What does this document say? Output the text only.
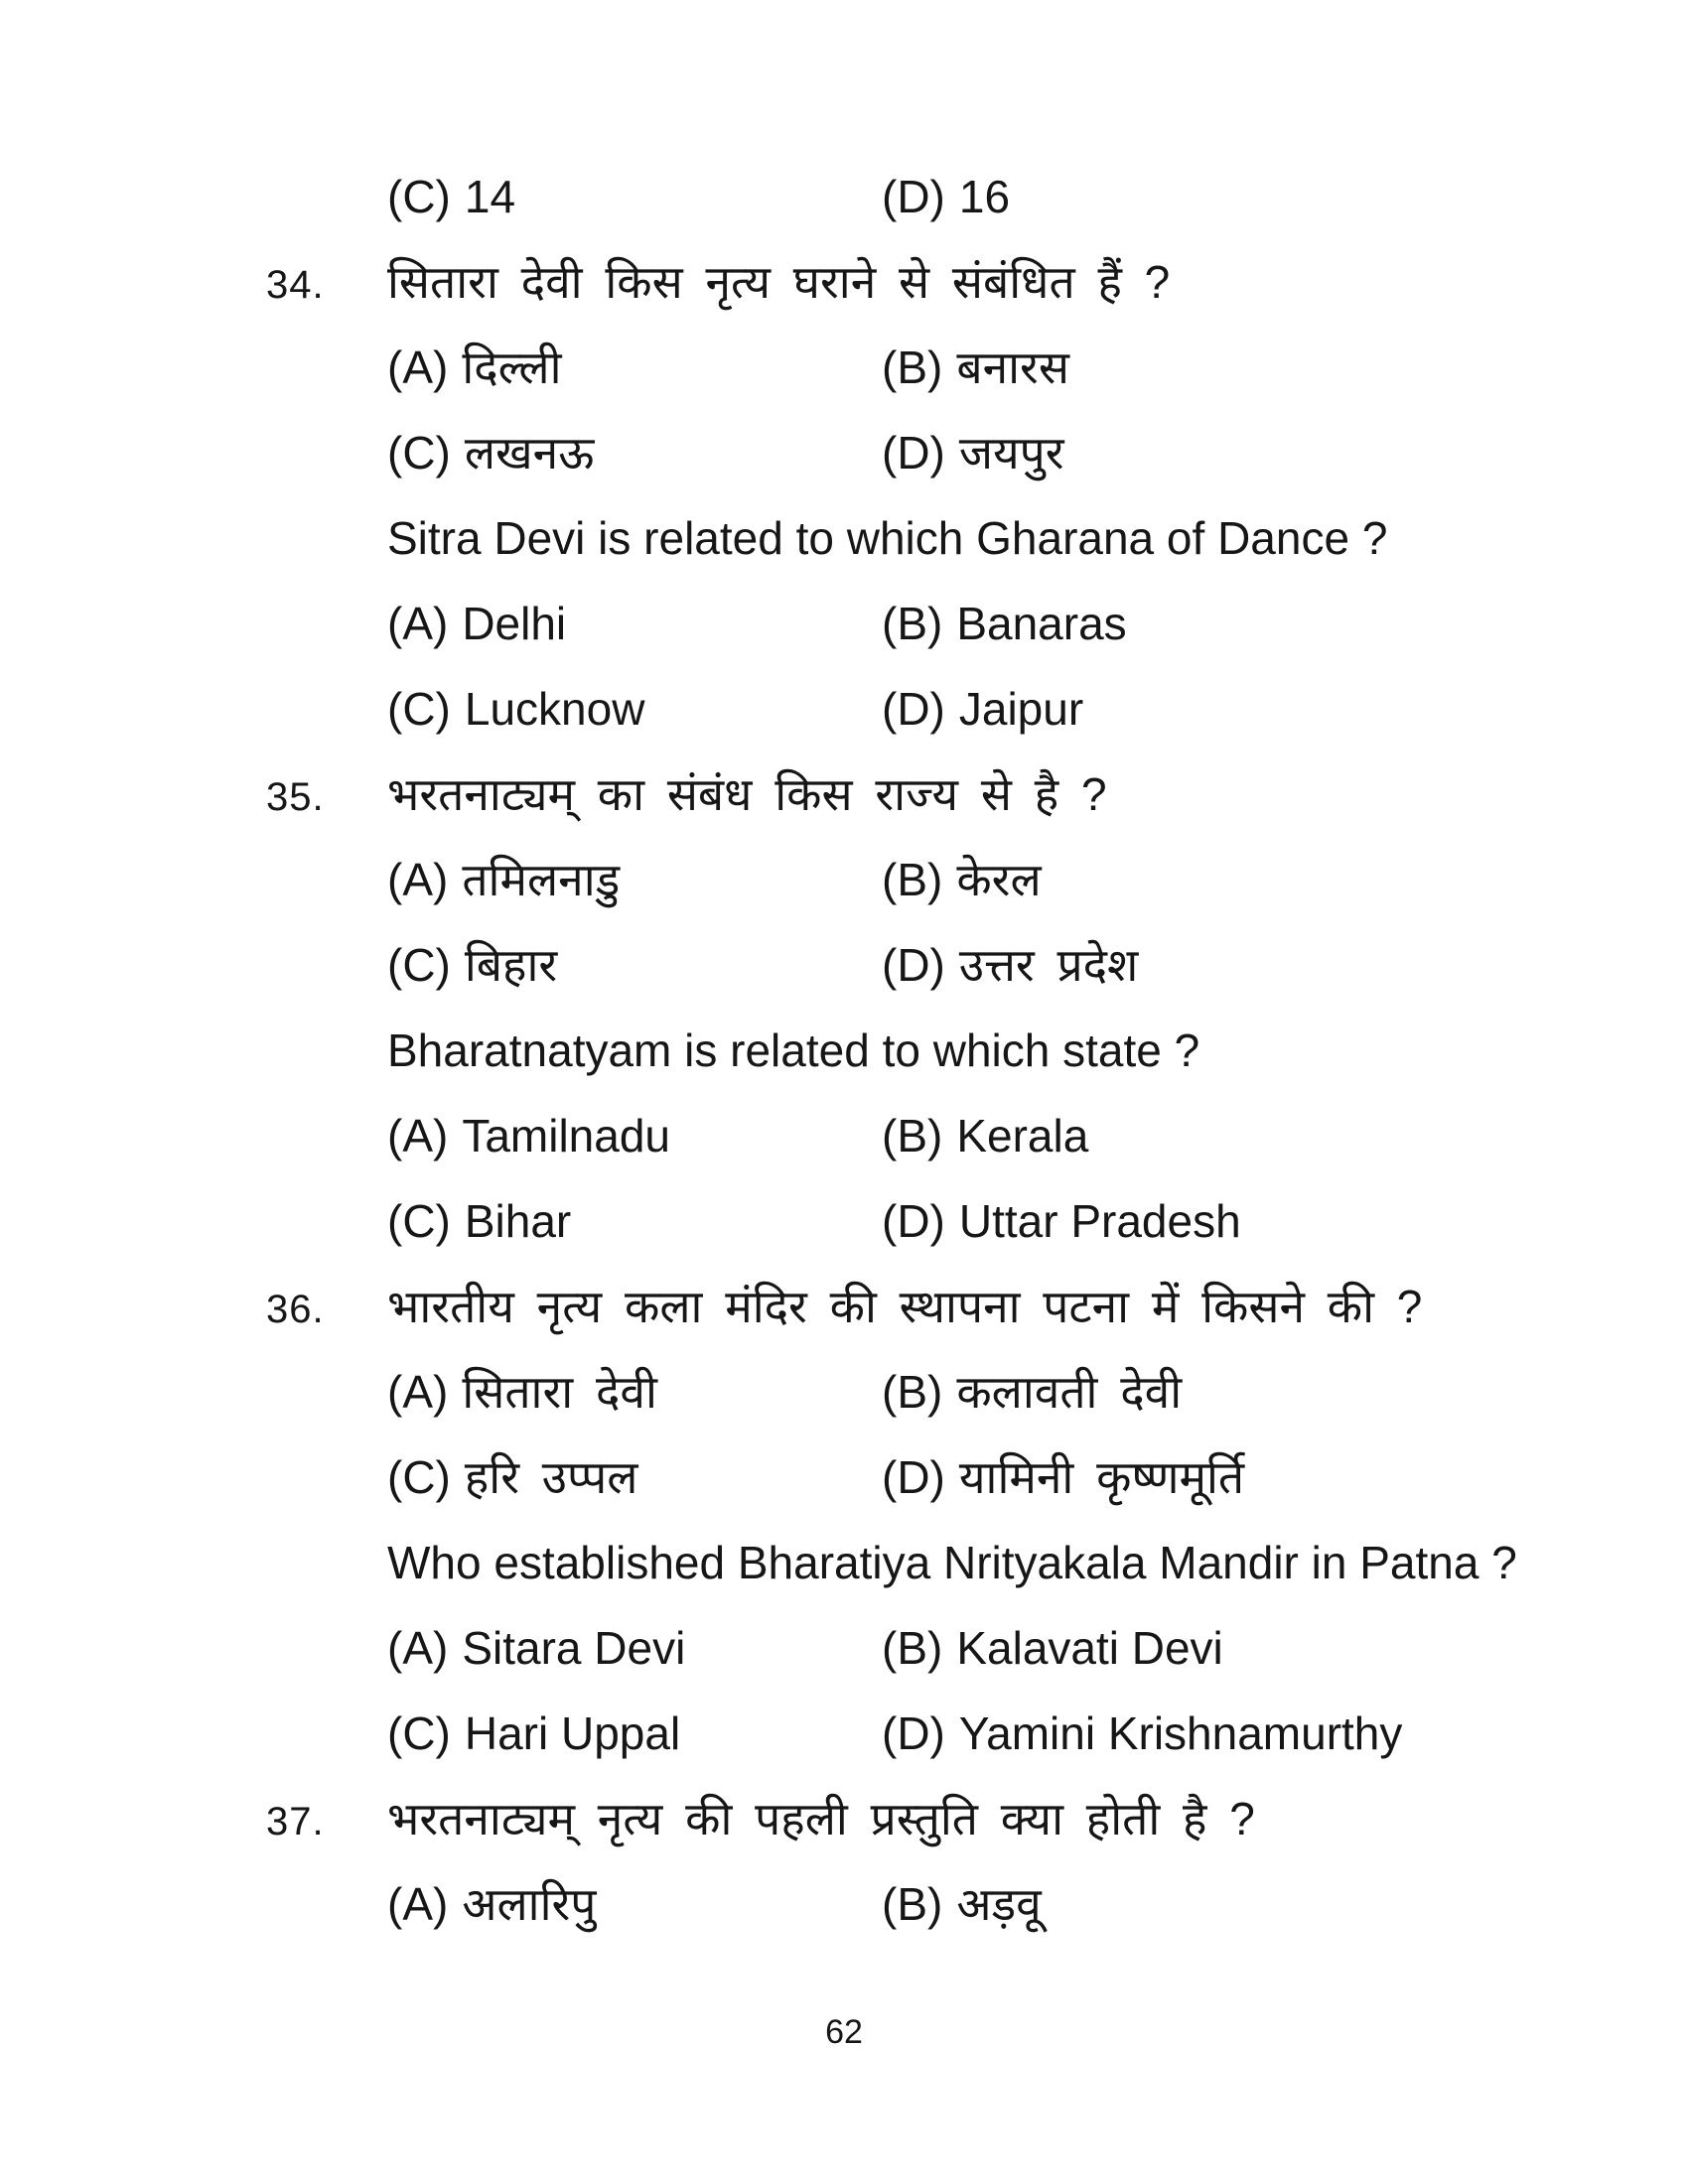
(C) 14	(D) 16
34.	सितारा देवी किस नृत्य घराने से संबंधित हैं ?
(A) दिल्ली	(B) बनारस
(C) लखनऊ	(D) जयपुर
Sitra Devi is related to which Gharana of Dance ?
(A) Delhi	(B) Banaras
(C) Lucknow	(D) Jaipur
35.	भरतनाट्यम् का संबंध किस राज्य से है ?
(A) तमिलनाडु	(B) केरल
(C) बिहार	(D) उत्तर प्रदेश
Bharatnatyam is related to which state ?
(A) Tamilnadu	(B) Kerala
(C) Bihar	(D) Uttar Pradesh
36.	भारतीय नृत्य कला मंदिर की स्थापना पटना में किसने की ?
(A) सितारा देवी	(B) कलावती देवी
(C) हरि उप्पल	(D) यामिनी कृष्णमूर्ति
Who established Bharatiya Nrityakala Mandir in Patna ?
(A) Sitara Devi	(B) Kalavati Devi
(C) Hari Uppal	(D) Yamini Krishnamurthy
37.	भरतनाट्यम् नृत्य की पहली प्रस्तुति क्या होती है ?
(A) अलारिपु	(B) अड़वू
62
